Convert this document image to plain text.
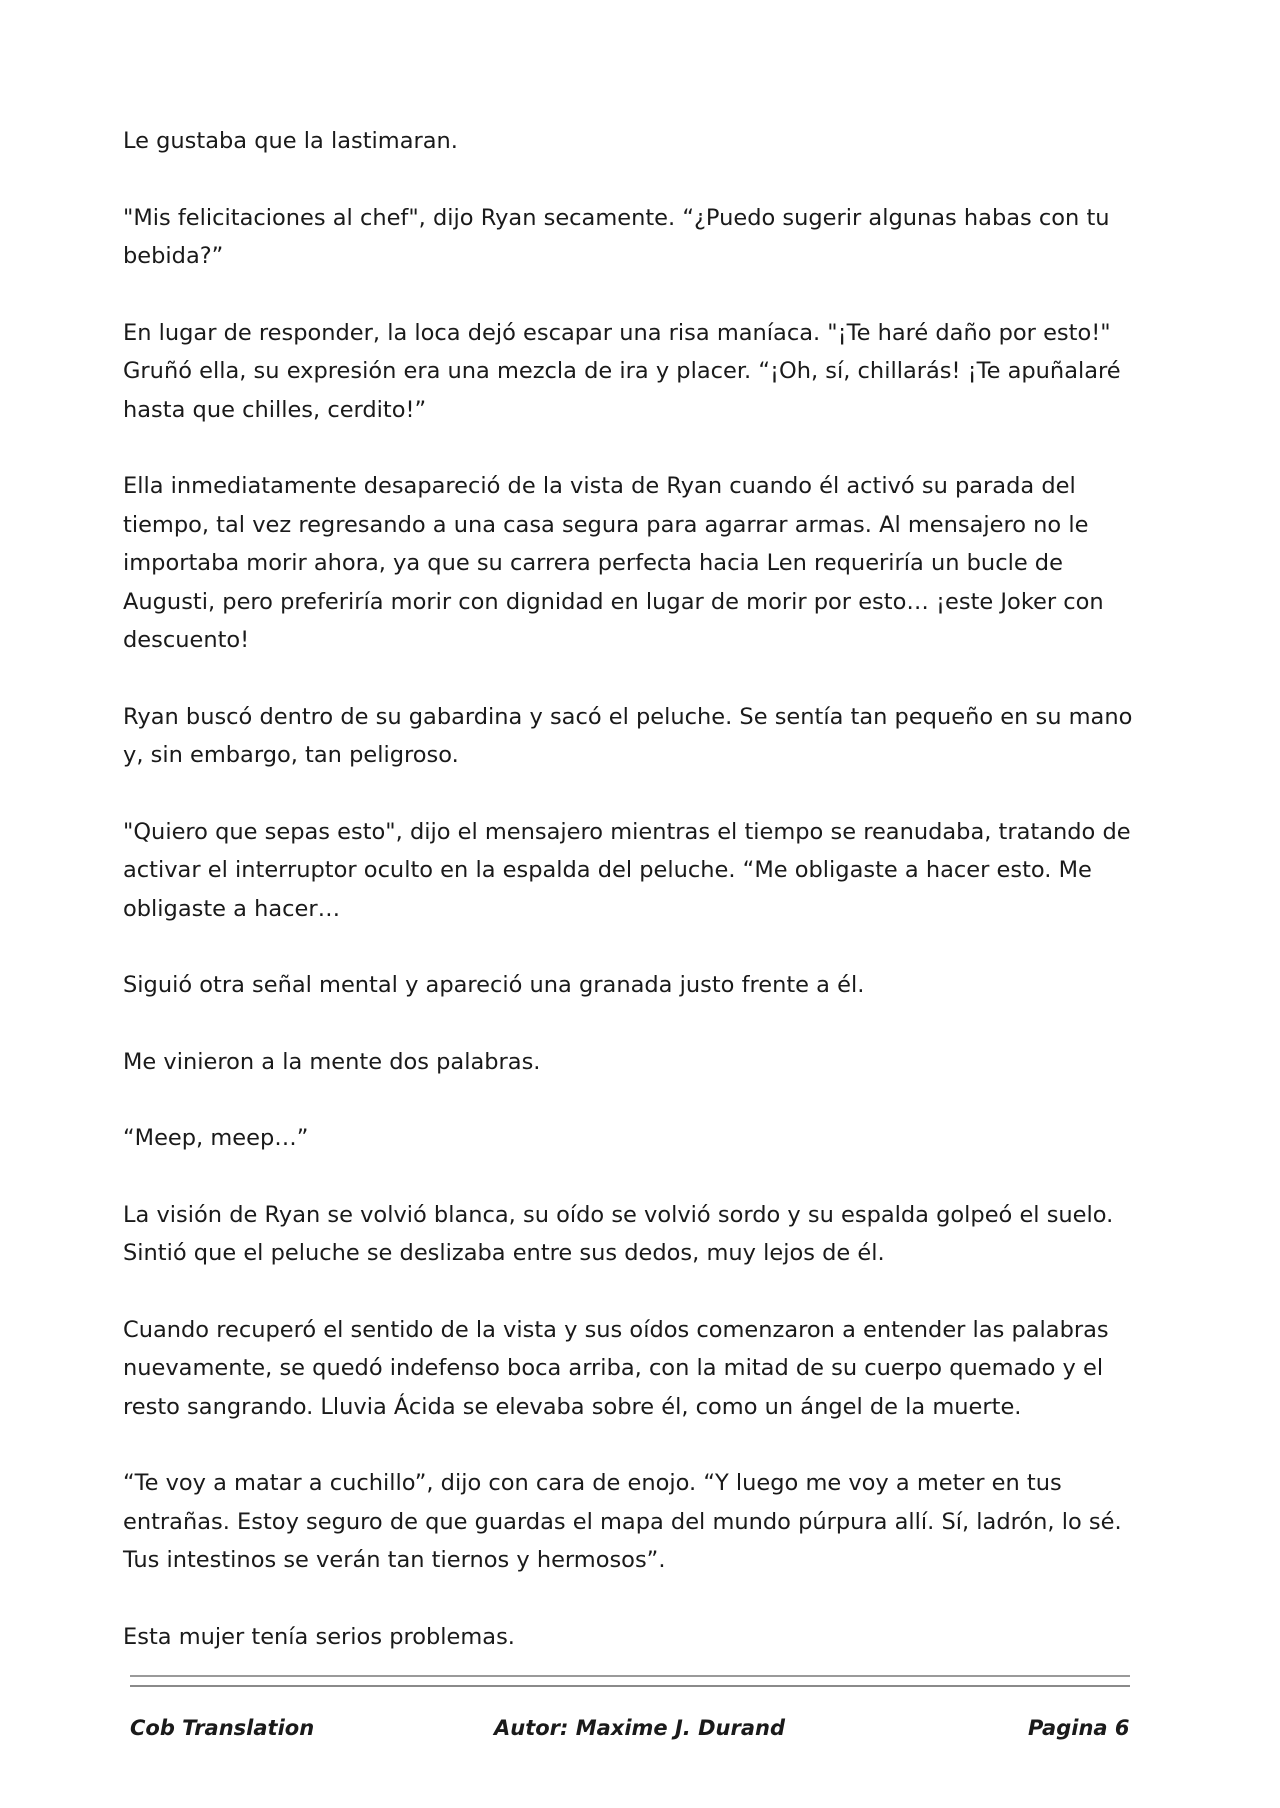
Le gustaba que la lastimaran.

"Mis felicitaciones al chef", dijo Ryan secamente. “¿Puedo sugerir algunas habas con tu bebida?”

En lugar de responder, la loca dejó escapar una risa maníaca. "¡Te haré daño por esto!" Gruñó ella, su expresión era una mezcla de ira y placer. “¡Oh, sí, chillarás! ¡Te apuñalaré hasta que chilles, cerdito!”

Ella inmediatamente desapareció de la vista de Ryan cuando él activó su parada del tiempo, tal vez regresando a una casa segura para agarrar armas. Al mensajero no le importaba morir ahora, ya que su carrera perfecta hacia Len requeriría un bucle de Augusti, pero preferiría morir con dignidad en lugar de morir por esto… ¡este Joker con descuento!

Ryan buscó dentro de su gabardina y sacó el peluche. Se sentía tan pequeño en su mano y, sin embargo, tan peligroso.

"Quiero que sepas esto", dijo el mensajero mientras el tiempo se reanudaba, tratando de activar el interruptor oculto en la espalda del peluche. “Me obligaste a hacer esto. Me obligaste a hacer…

Siguió otra señal mental y apareció una granada justo frente a él.

Me vinieron a la mente dos palabras.

“Meep, meep…”

La visión de Ryan se volvió blanca, su oído se volvió sordo y su espalda golpeó el suelo. Sintió que el peluche se deslizaba entre sus dedos, muy lejos de él.

Cuando recuperó el sentido de la vista y sus oídos comenzaron a entender las palabras nuevamente, se quedó indefenso boca arriba, con la mitad de su cuerpo quemado y el resto sangrando. Lluvia Ácida se elevaba sobre él, como un ángel de la muerte.

“Te voy a matar a cuchillo”, dijo con cara de enojo. “Y luego me voy a meter en tus entrañas. Estoy seguro de que guardas el mapa del mundo púrpura allí. Sí, ladrón, lo sé. Tus intestinos se verán tan tiernos y hermosos”.

Esta mujer tenía serios problemas.

Cob Translation	Autor: Maxime J. Durand	Pagina 6
